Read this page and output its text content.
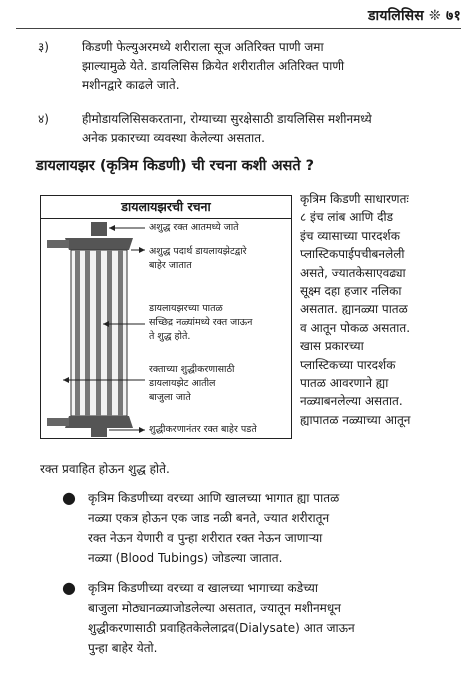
डायलिसिस ❊ ७१
३)	किडणी फेल्युअरमध्ये शरीराला सूज अतिरिक्त पाणी जमा
झाल्यामुळे येते. डायलिसिस क्रियेत शरीरातील अतिरिक्त पाणी
मशीनद्वारे काढले जाते.
४)	हीमोडायलिसिसकरताना, रोग्याच्या सुरक्षेसाठी डायलिसिस मशीनमध्ये
अनेक प्रकारच्या व्यवस्था केलेल्या असतात.
डायलायझर (कृत्रिम किडणी) ची रचना कशी असते ?
डायलायझरची रचना
अशुद्ध रक्त आतमध्ये जाते
अशुद्ध पदार्थ डायलायझेटद्वारे
बाहेर जातात
डायलायझरच्या पातळ
सच्छिद्र नळ्यांमध्ये रक्त जाऊन
ते शुद्ध होते.
रक्ताच्या शुद्धीकरणासाठी
डायलायझेट आतील
बाजुला जाते
शुद्धीकरणानंतर रक्त बाहेर पडते
कृत्रिम किडणी साधारणतः
८ इंच लांब आणि दीड
इंच व्यासाच्या पारदर्शक
प्लास्टिकपाईपचीबनलेली
असते, ज्यातकेसाएवढ्या
सूक्ष्म दहा हजार नलिका
असतात. ह्यानळ्या पातळ
व आतून पोकळ असतात.
खास प्रकारच्या
प्लास्टिकच्या पारदर्शक
पातळ आवरणाने ह्या
नळ्याबनलेल्या असतात.
ह्यापातळ नळ्याच्या आतून
रक्त प्रवाहित होऊन शुद्ध होते.
● कृत्रिम किडणीच्या वरच्या आणि खालच्या भागात ह्या पातळ
नळ्या एकत्र होऊन एक जाड नळी बनते, ज्यात शरीरातून
रक्त नेऊन येणारी व पुन्हा शरीरात रक्त नेऊन जाणाऱ्या
नळ्या (Blood Tubings) जोडल्या जातात.
● कृत्रिम किडणीच्या वरच्या व खालच्या भागाच्या कडेच्या
बाजुला मोठ्यानळ्याजोडलेल्या असतात, ज्यातून मशीनमधून
शुद्धीकरणासाठी प्रवाहितकेलेलाद्रव(Dialysate) आत जाऊन
पुन्हा बाहेर येतो.
